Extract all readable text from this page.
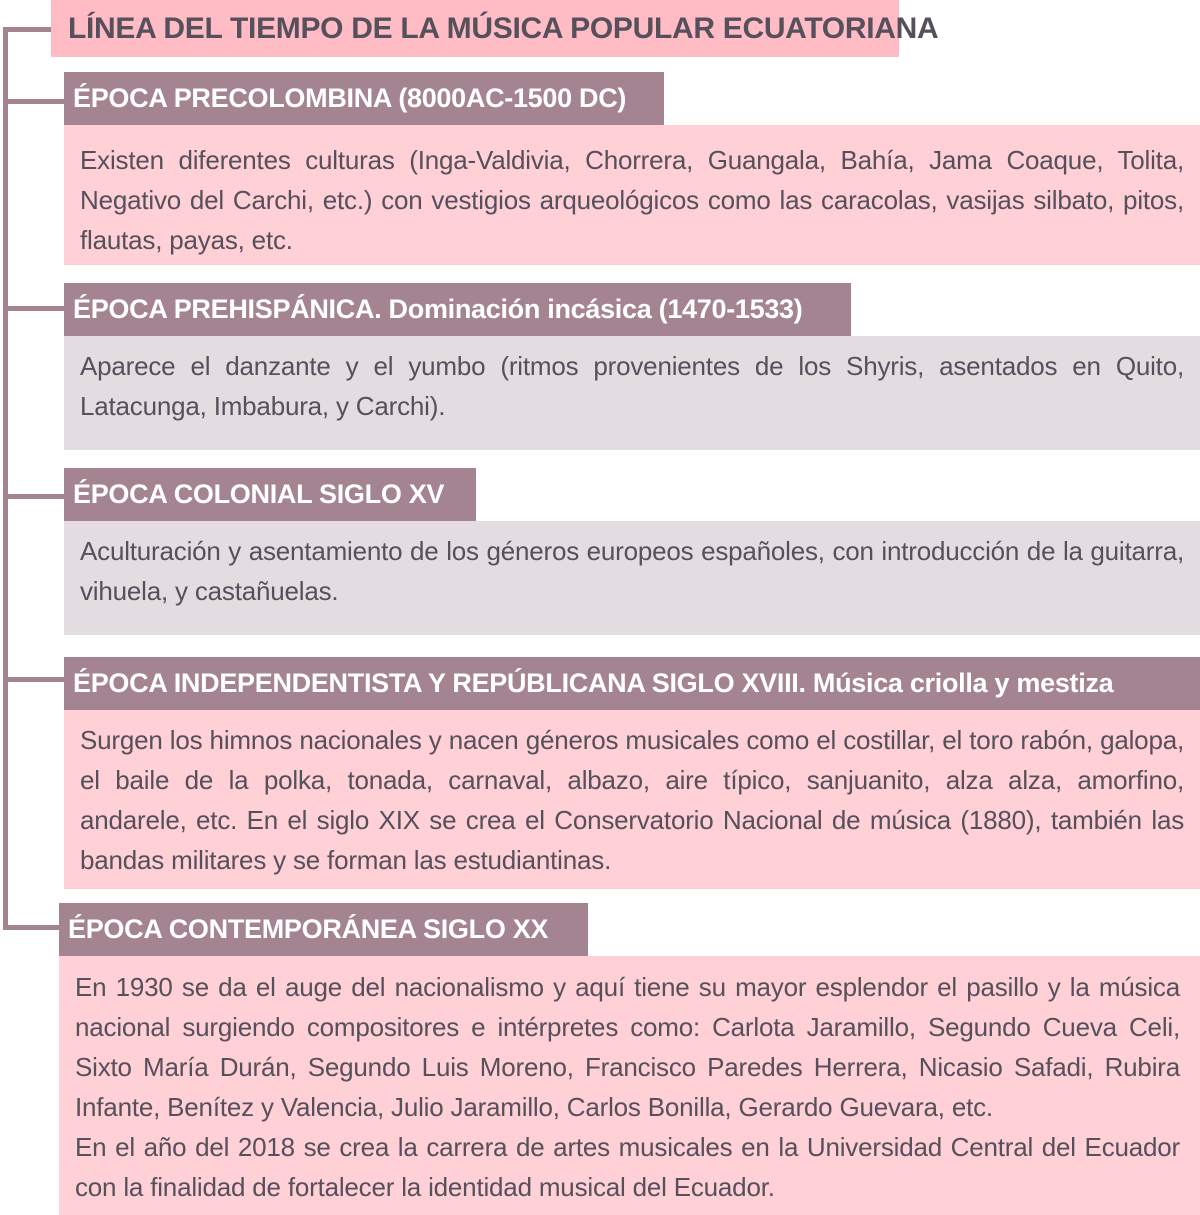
LÍNEA DEL TIEMPO DE LA MÚSICA POPULAR ECUATORIANA
ÉPOCA PRECOLOMBINA (8000AC-1500 DC)
Existen diferentes culturas (Inga-Valdivia, Chorrera, Guangala, Bahía, Jama Coaque, Tolita, Negativo del Carchi, etc.) con vestigios arqueológicos como las caracolas, vasijas silbato, pitos, flautas, payas, etc.
ÉPOCA PREHISPÁNICA. Dominación incásica (1470-1533)
Aparece el danzante y el yumbo (ritmos provenientes de los Shyris, asentados en Quito, Latacunga, Imbabura, y Carchi).
ÉPOCA COLONIAL SIGLO XV
Aculturación y asentamiento de los géneros europeos españoles, con introducción de la guitarra, vihuela, y castañuelas.
ÉPOCA INDEPENDENTISTA Y REPÚBLICANA SIGLO XVIII. Música criolla y mestiza
Surgen los himnos nacionales y nacen géneros musicales como el costillar, el toro rabón, galopa, el baile de la polka, tonada, carnaval, albazo, aire típico, sanjuanito, alza alza, amorfino, andarele, etc. En el siglo XIX se crea el Conservatorio Nacional de música (1880), también las bandas militares y se forman las estudiantinas.
ÉPOCA CONTEMPORÁNEA SIGLO XX
En 1930 se da el auge del nacionalismo y aquí tiene su mayor esplendor el pasillo y la música nacional surgiendo compositores e intérpretes como: Carlota Jaramillo, Segundo Cueva Celi, Sixto María Durán, Segundo Luis Moreno, Francisco Paredes Herrera, Nicasio Safadi, Rubira Infante, Benítez y Valencia, Julio Jaramillo, Carlos Bonilla, Gerardo Guevara, etc.
En el año del 2018 se crea la carrera de artes musicales en la Universidad Central del Ecuador con la finalidad de fortalecer la identidad musical del Ecuador.
